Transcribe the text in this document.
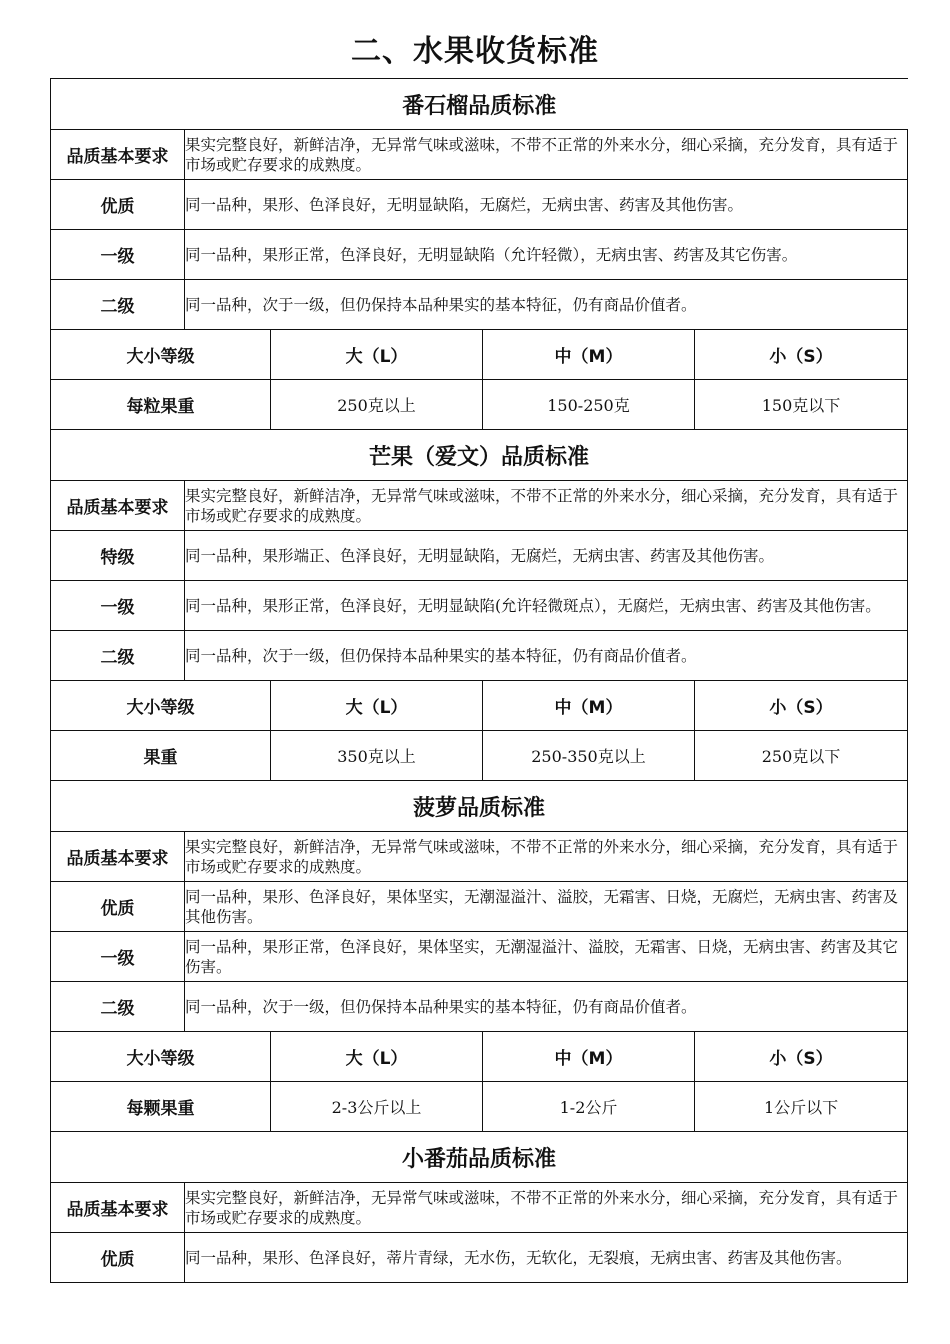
二、水果收货标准
番石榴品质标准				
品质基本要求	果实完整良好，新鲜洁净，无异常气味或滋味，不带不正常的外来水分，细心采摘，充分发育，具有适于市场或贮存要求的成熟度。			
优质	同一品种，果形、色泽良好，无明显缺陷，无腐烂，无病虫害、药害及其他伤害。			
一级	同一品种，果形正常，色泽良好，无明显缺陷（允许轻微），无病虫害、药害及其它伤害。			
二级	同一品种，次于一级，但仍保持本品种果实的基本特征，仍有商品价值者。			
大小等级		大（L）	中（M）	小（S）
每粒果重		250克以上	150-250克	150克以下
芒果（爱文）品质标准				
品质基本要求	果实完整良好，新鲜洁净，无异常气味或滋味，不带不正常的外来水分，细心采摘，充分发育，具有适于市场或贮存要求的成熟度。			
特级	同一品种，果形端正、色泽良好，无明显缺陷，无腐烂，无病虫害、药害及其他伤害。			
一级	同一品种，果形正常，色泽良好，无明显缺陷(允许轻微斑点），无腐烂，无病虫害、药害及其他伤害。			
二级	同一品种，次于一级，但仍保持本品种果实的基本特征，仍有商品价值者。			
大小等级		大（L）	中（M）	小（S）
果重		350克以上	250-350克以上	250克以下
菠萝品质标准				
品质基本要求	果实完整良好，新鲜洁净，无异常气味或滋味，不带不正常的外来水分，细心采摘，充分发育，具有适于市场或贮存要求的成熟度。			
优质	同一品种，果形、色泽良好，果体坚实，无潮湿溢汁、溢胶，无霜害、日烧，无腐烂，无病虫害、药害及其他伤害。			
一级	同一品种，果形正常，色泽良好，果体坚实，无潮湿溢汁、溢胶，无霜害、日烧，无病虫害、药害及其它伤害。			
二级	同一品种，次于一级，但仍保持本品种果实的基本特征，仍有商品价值者。			
大小等级		大（L）	中（M）	小（S）
每颗果重		2-3公斤以上	1-2公斤	1公斤以下
小番茄品质标准				
品质基本要求	果实完整良好，新鲜洁净，无异常气味或滋味，不带不正常的外来水分，细心采摘，充分发育，具有适于市场或贮存要求的成熟度。			
优质	同一品种，果形、色泽良好，蒂片青绿，无水伤，无软化，无裂痕，无病虫害、药害及其他伤害。			
